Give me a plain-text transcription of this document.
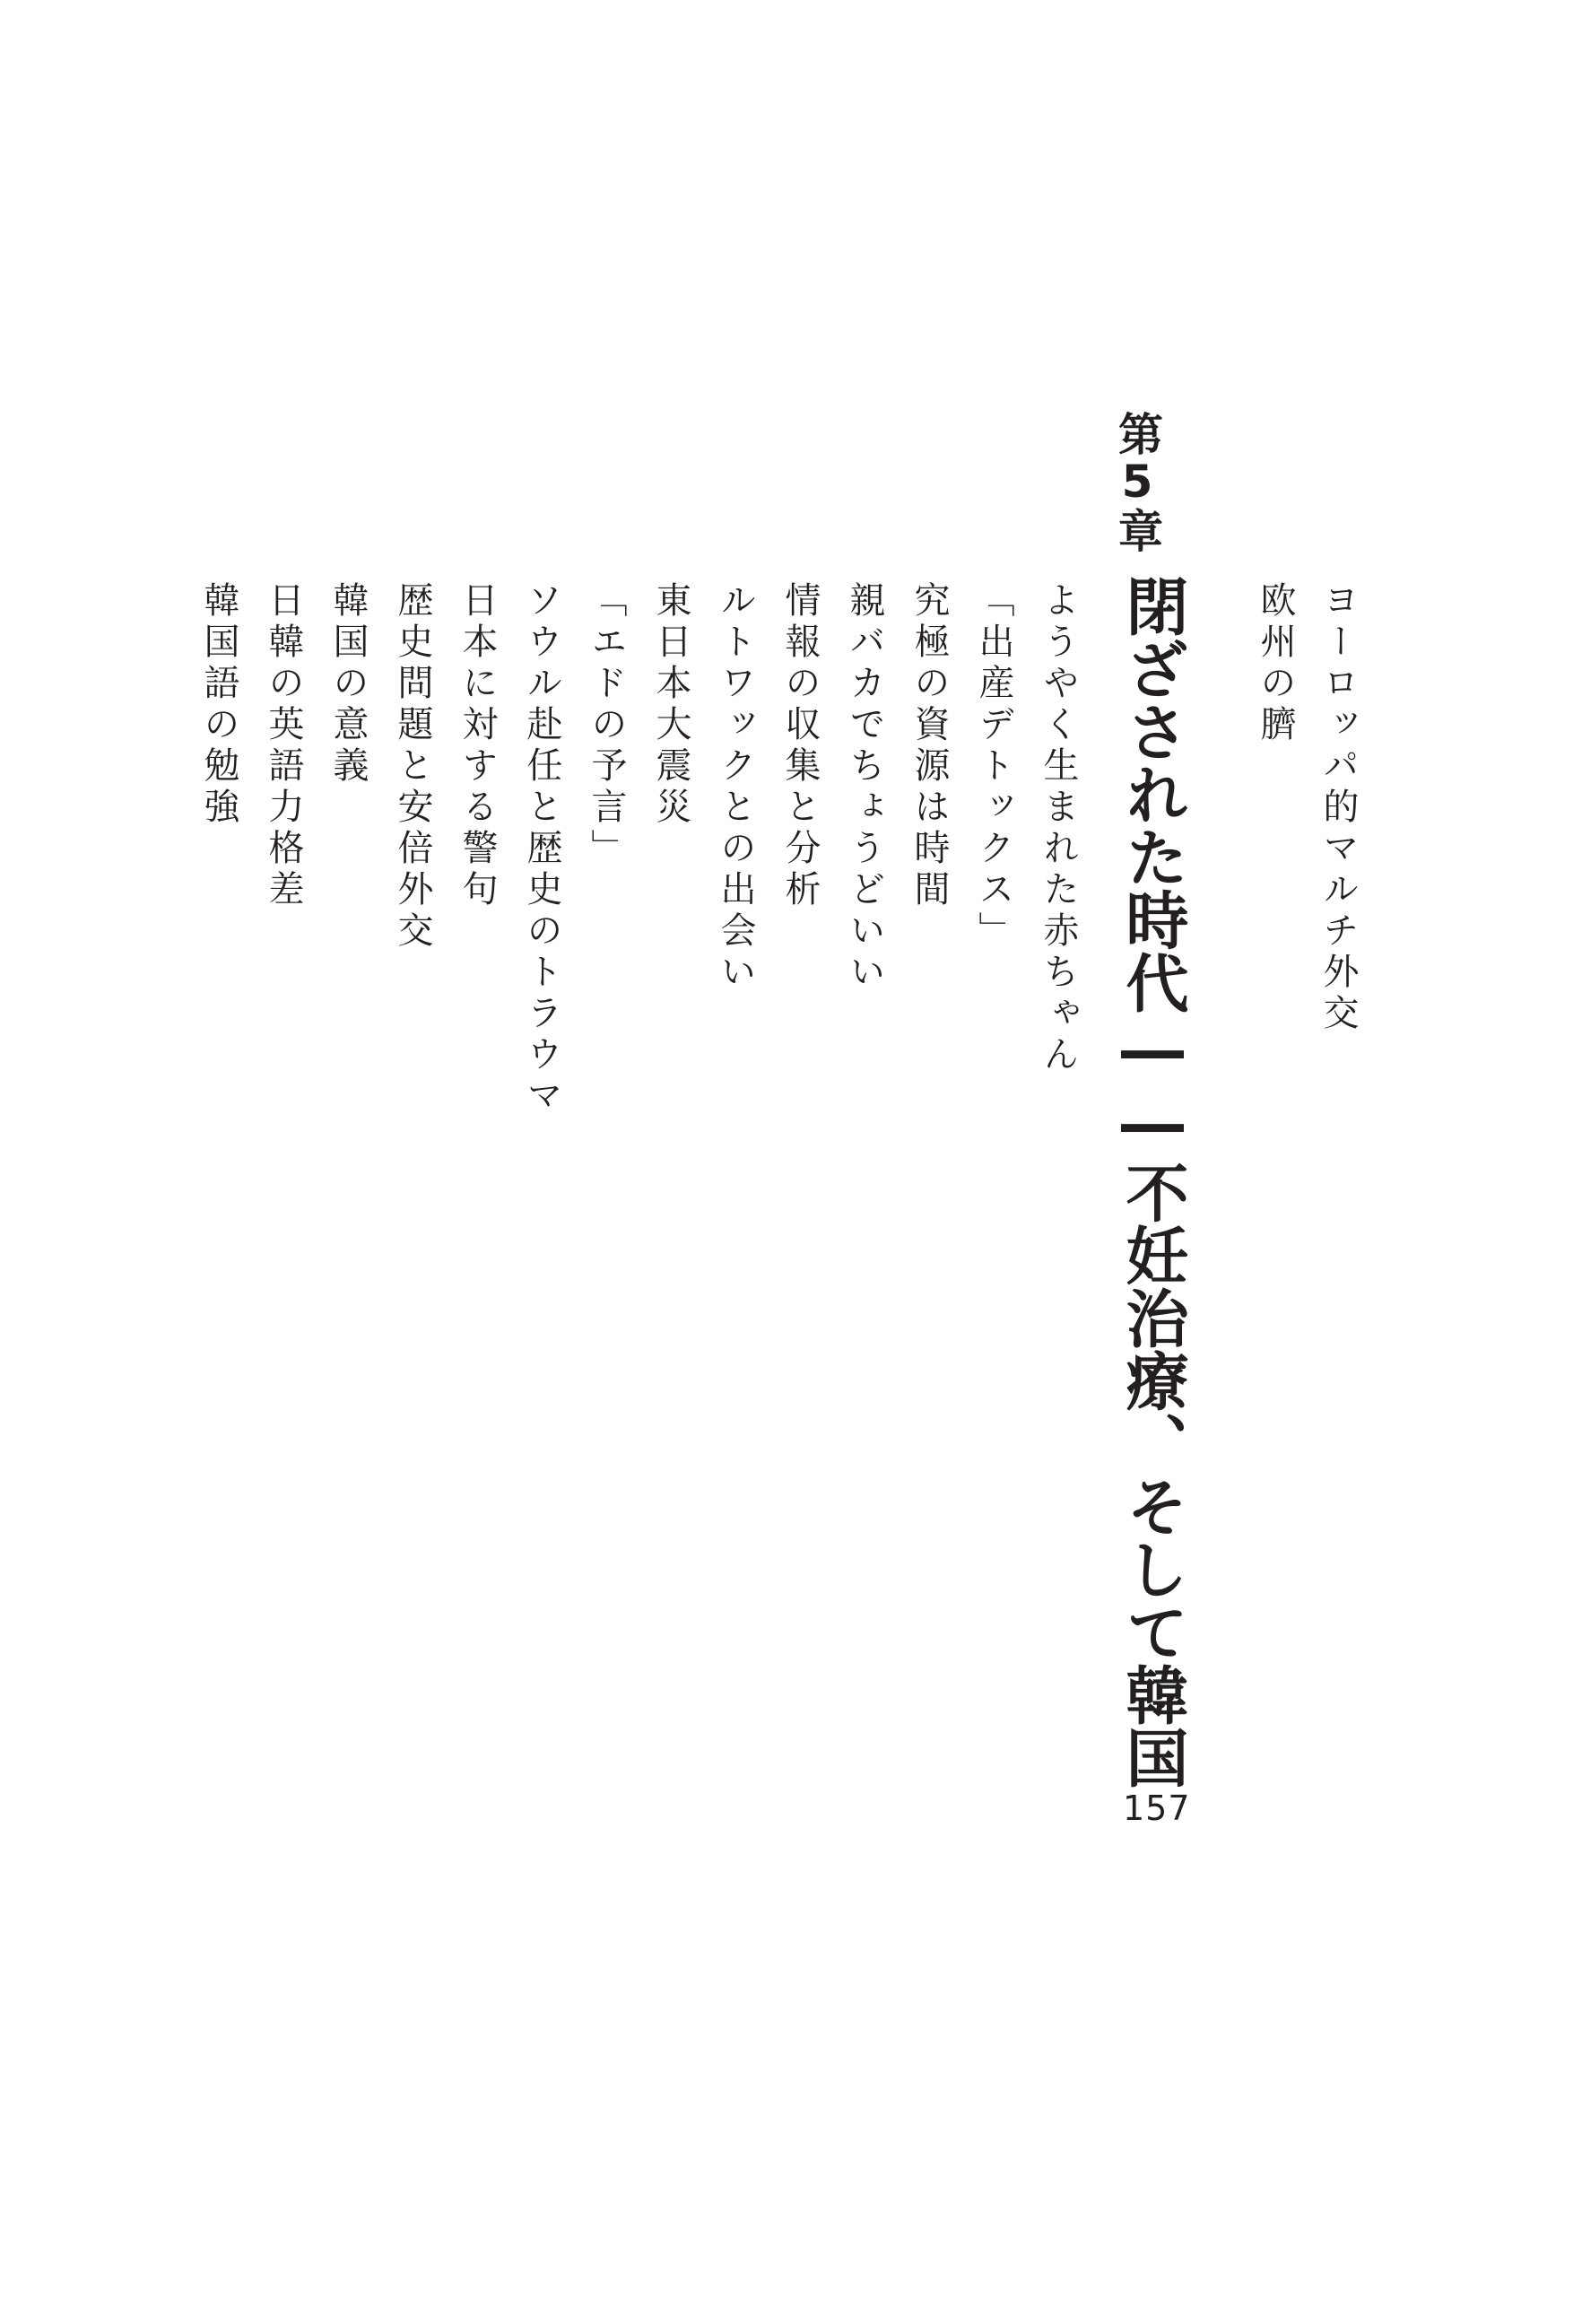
ヨーロッパ的マルチ外交
欧州の臍
第5章
閉ざされた時代――不妊治療、そして韓国
ようやく生まれた赤ちゃん
「出産デトックス」
究極の資源は時間
親バカでちょうどいい
情報の収集と分析
ルトワックとの出会い
東日本大震災
「エドの予言」
ソウル赴任と歴史のトラウマ
日本に対する警句
歴史問題と安倍外交
韓国の意義
日韓の英語力格差
韓国語の勉強
157
